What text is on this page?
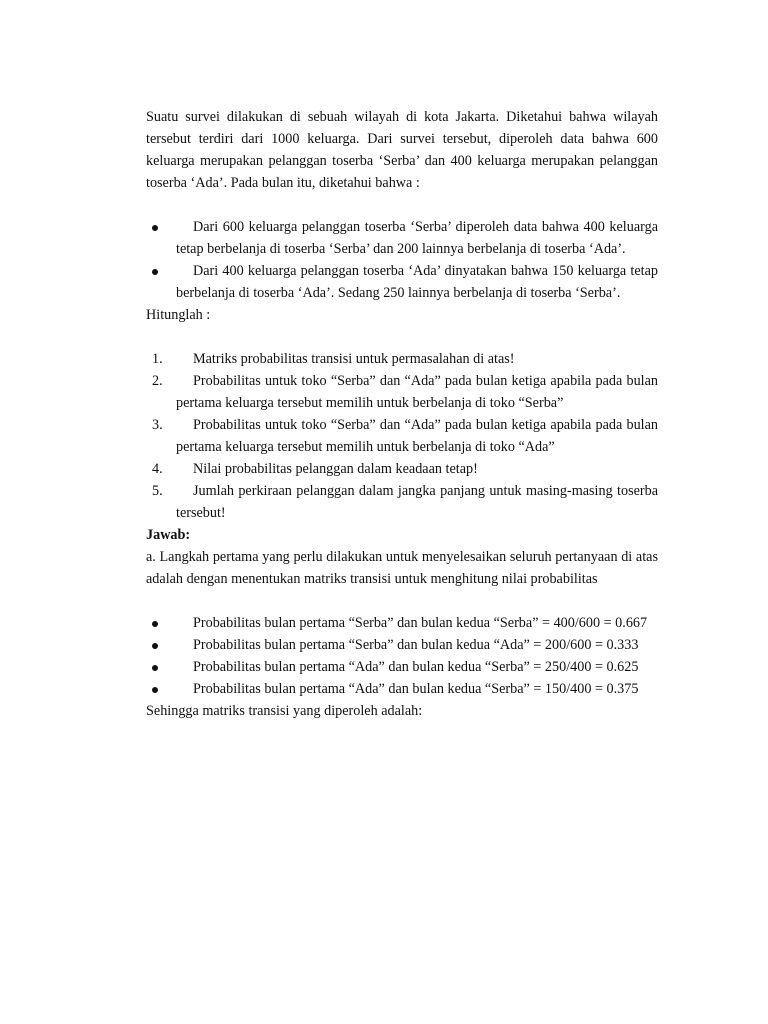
Suatu survei dilakukan di sebuah wilayah di kota Jakarta. Diketahui bahwa wilayah tersebut terdiri dari 1000 keluarga. Dari survei tersebut, diperoleh data bahwa 600 keluarga merupakan pelanggan toserba ‘Serba’ dan 400 keluarga merupakan pelanggan toserba ‘Ada’. Pada bulan itu, diketahui bahwa :

Dari 600 keluarga pelanggan toserba ‘Serba’ diperoleh data bahwa 400 keluarga tetap berbelanja di toserba ‘Serba’ dan 200 lainnya berbelanja di toserba ‘Ada’.
Dari 400 keluarga pelanggan toserba ‘Ada’ dinyatakan bahwa 150 keluarga tetap berbelanja di toserba ‘Ada’. Sedang 250 lainnya berbelanja di toserba ‘Serba’.

Hitunglah :

1. Matriks probabilitas transisi untuk permasalahan di atas!
2. Probabilitas untuk toko “Serba” dan “Ada” pada bulan ketiga apabila pada bulan pertama keluarga tersebut memilih untuk berbelanja di toko “Serba”
3. Probabilitas untuk toko “Serba” dan “Ada” pada bulan ketiga apabila pada bulan pertama keluarga tersebut memilih untuk berbelanja di toko “Ada”
4. Nilai probabilitas pelanggan dalam keadaan tetap!
5. Jumlah perkiraan pelanggan dalam jangka panjang untuk masing-masing toserba tersebut!

Jawab:

a. Langkah pertama yang perlu dilakukan untuk menyelesaikan seluruh pertanyaan di atas adalah dengan menentukan matriks transisi untuk menghitung nilai probabilitas

Probabilitas bulan pertama “Serba” dan bulan kedua “Serba” = 400/600 = 0.667
Probabilitas bulan pertama “Serba” dan bulan kedua “Ada” = 200/600 = 0.333
Probabilitas bulan pertama “Ada” dan bulan kedua “Serba” = 250/400 = 0.625
Probabilitas bulan pertama “Ada” dan bulan kedua “Serba” = 150/400 = 0.375

Sehingga matriks transisi yang diperoleh adalah:
